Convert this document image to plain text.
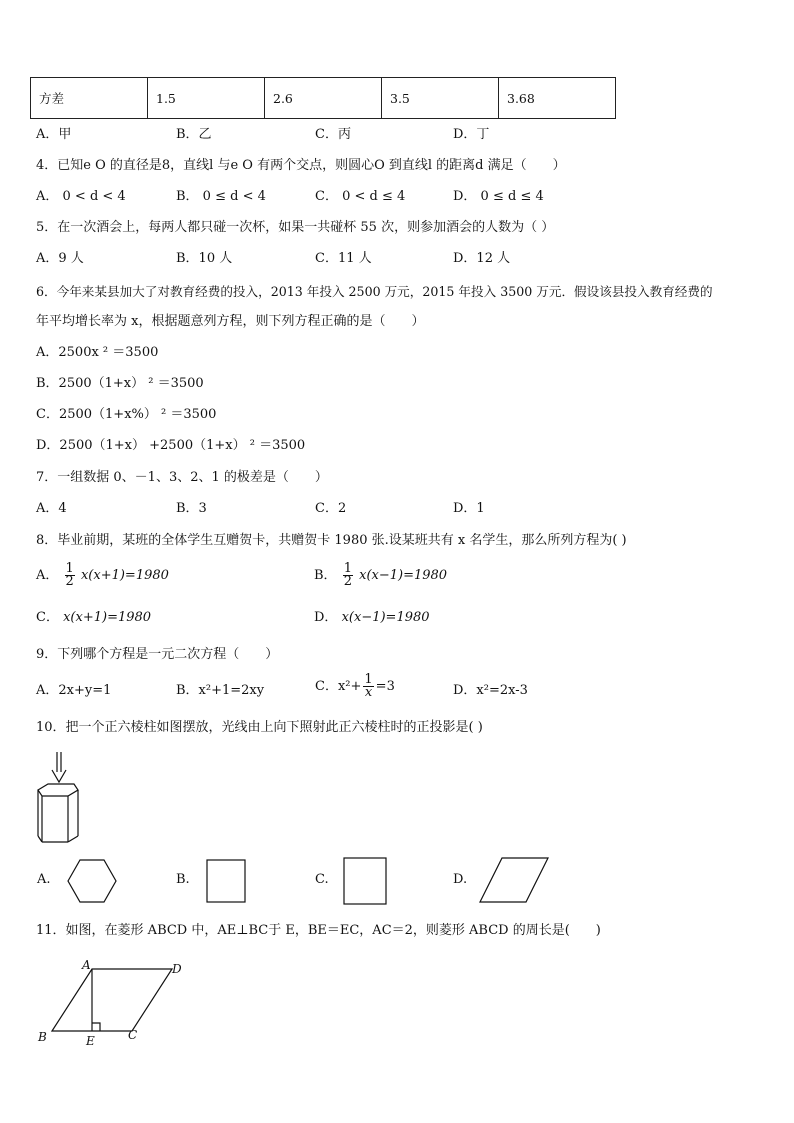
方差	1.5	2.6	3.5	3.68
A．甲	B．乙	C．丙	D．丁
4．已知e O 的直径是8，直线l 与e O 有两个交点，则圆心O 到直线l 的距离d 满足（　　）
A． 0 < d < 4	B． 0 ≤ d < 4	C． 0 < d ≤ 4	D． 0 ≤ d ≤ 4
5．在一次酒会上，每两人都只碰一次杯，如果一共碰杯 55 次，则参加酒会的人数为（ ）
A．9 人	B．10 人	C．11 人	D．12 人
6．今年来某县加大了对教育经费的投入，2013 年投入 2500 万元，2015 年投入 3500 万元．假设该县投入教育经费的
年平均增长率为 x，根据题意列方程，则下列方程正确的是（　　）
A．2500x ² ＝3500
B．2500（1+x） ² ＝3500
C．2500（1+x%） ² ＝3500
D．2500（1+x） +2500（1+x） ² ＝3500
7．一组数据 0、－1、3、2、1 的极差是（　　）
A．4	B．3	C．2	D．1
8．毕业前期，某班的全体学生互赠贺卡，共赠贺卡 1980 张.设某班共有 x 名学生，那么所列方程为( )
A． $\frac{1}{2} x(x+1)=1980$	B． $\frac{1}{2} x(x-1)=1980$
C． x(x+1)=1980	D． x(x−1)=1980
9．下列哪个方程是一元二次方程（　　）
A．2x+y=1	B．x²+1=2xy	C．$x^2+ \frac{1}{x} =3$	D．x²=2x-3
10．把一个正六棱柱如图摆放，光线由上向下照射此正六棱柱时的正投影是( )
A.	B.	C.	D.
11．如图，在菱形 ABCD 中，AE⊥BC于 E，BE＝EC，AC＝2，则菱形 ABCD 的周长是(　　)
A	D
B	E	C
